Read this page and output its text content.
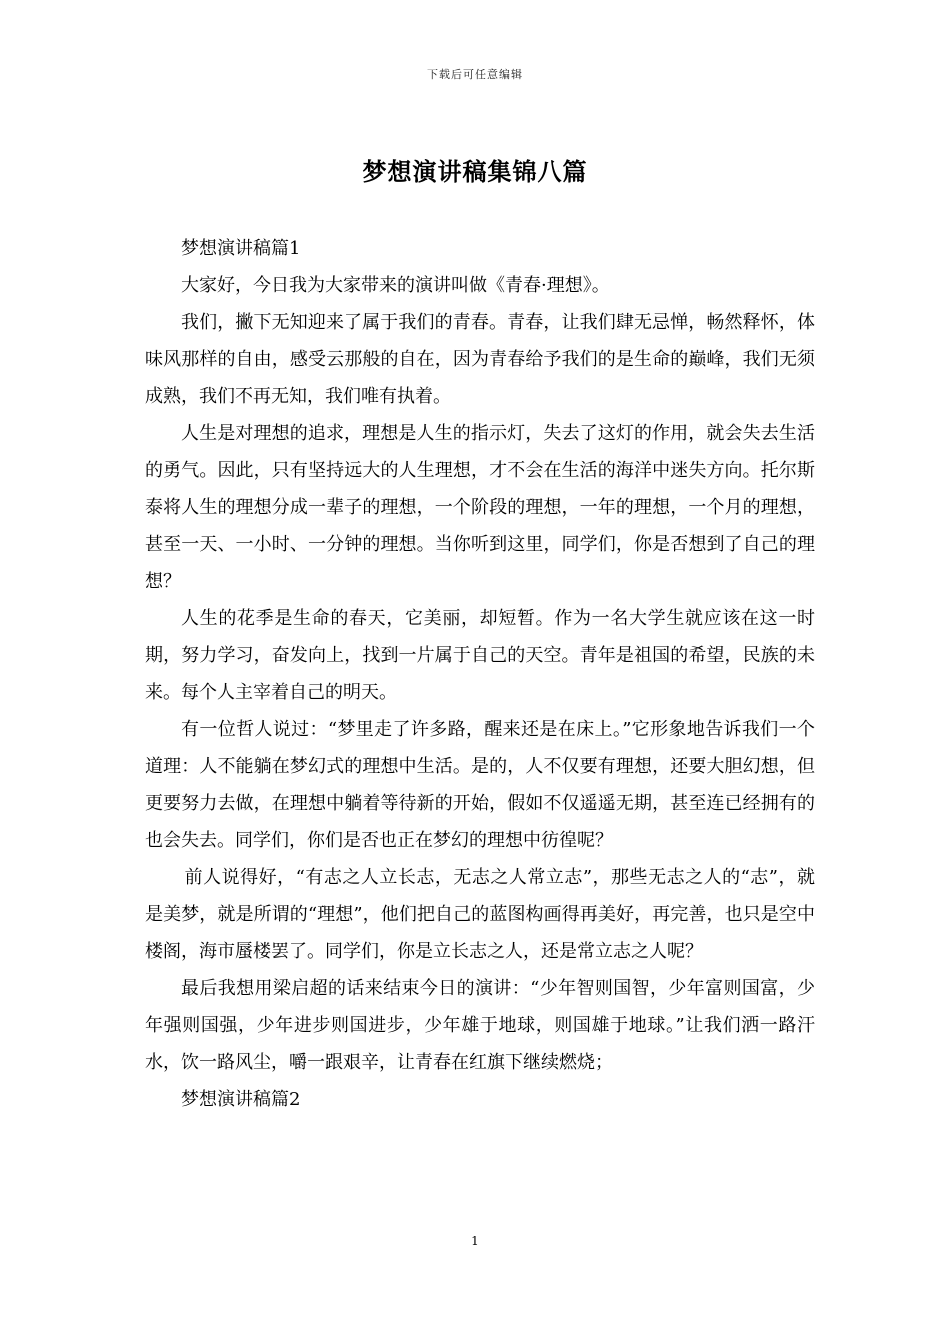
下载后可任意编辑
梦想演讲稿集锦八篇

梦想演讲稿篇1

大家好，今日我为大家带来的演讲叫做《青春·理想》。

我们，撇下无知迎来了属于我们的青春。青春，让我们肆无忌惮，畅然释怀，体味风那样的自由，感受云那般的自在，因为青春给予我们的是生命的巅峰，我们无须成熟，我们不再无知，我们唯有执着。

人生是对理想的追求，理想是人生的指示灯，失去了这灯的作用，就会失去生活的勇气。因此，只有坚持远大的人生理想，才不会在生活的海洋中迷失方向。托尔斯泰将人生的理想分成一辈子的理想，一个阶段的理想，一年的理想，一个月的理想，甚至一天、一小时、一分钟的理想。当你听到这里，同学们，你是否想到了自己的理想？

人生的花季是生命的春天，它美丽，却短暂。作为一名大学生就应该在这一时期，努力学习，奋发向上，找到一片属于自己的天空。青年是祖国的希望，民族的未来。每个人主宰着自己的明天。

有一位哲人说过：“梦里走了许多路，醒来还是在床上。”它形象地告诉我们一个道理：人不能躺在梦幻式的理想中生活。是的，人不仅要有理想，还要大胆幻想，但更要努力去做，在理想中躺着等待新的开始，假如不仅遥遥无期，甚至连已经拥有的也会失去。同学们，你们是否也正在梦幻的理想中彷徨呢？

前人说得好，“有志之人立长志，无志之人常立志”，那些无志之人的“志”，就是美梦，就是所谓的“理想”，他们把自己的蓝图构画得再美好，再完善，也只是空中楼阁，海市蜃楼罢了。同学们，你是立长志之人，还是常立志之人呢？

最后我想用梁启超的话来结束今日的演讲：“少年智则国智，少年富则国富，少年强则国强，少年进步则国进步，少年雄于地球，则国雄于地球。”让我们洒一路汗水，饮一路风尘，嚼一跟艰辛，让青春在红旗下继续燃烧；

梦想演讲稿篇2

1
